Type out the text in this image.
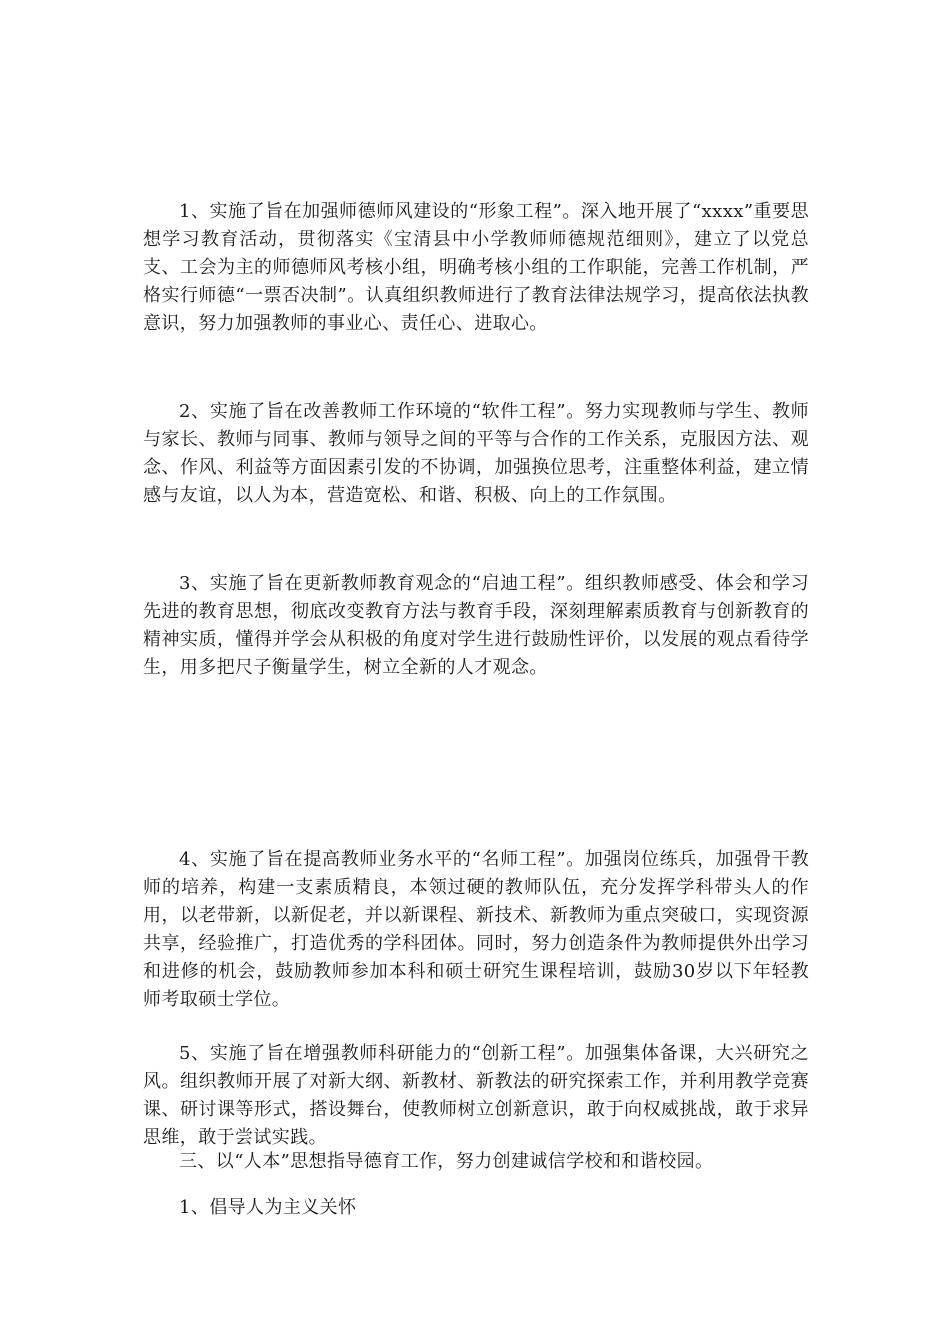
1、实施了旨在加强师德师风建设的“形象工程”。深入地开展了“xxxx”重要思想学习教育活动，贯彻落实《宝清县中小学教师师德规范细则》，建立了以党总支、工会为主的师德师风考核小组，明确考核小组的工作职能，完善工作机制，严格实行师德“一票否决制”。认真组织教师进行了教育法律法规学习，提高依法执教意识，努力加强教师的事业心、责任心、进取心。

2、实施了旨在改善教师工作环境的“软件工程”。努力实现教师与学生、教师与家长、教师与同事、教师与领导之间的平等与合作的工作关系，克服因方法、观念、作风、利益等方面因素引发的不协调，加强换位思考，注重整体利益，建立情感与友谊，以人为本，营造宽松、和谐、积极、向上的工作氛围。

3、实施了旨在更新教师教育观念的“启迪工程”。组织教师感受、体会和学习先进的教育思想，彻底改变教育方法与教育手段，深刻理解素质教育与创新教育的精神实质，懂得并学会从积极的角度对学生进行鼓励性评价，以发展的观点看待学生，用多把尺子衡量学生，树立全新的人才观念。

4、实施了旨在提高教师业务水平的“名师工程”。加强岗位练兵，加强骨干教师的培养，构建一支素质精良，本领过硬的教师队伍，充分发挥学科带头人的作用，以老带新，以新促老，并以新课程、新技术、新教师为重点突破口，实现资源共享，经验推广，打造优秀的学科团体。同时，努力创造条件为教师提供外出学习和进修的机会，鼓励教师参加本科和硕士研究生课程培训，鼓励30岁以下年轻教师考取硕士学位。

5、实施了旨在增强教师科研能力的“创新工程”。加强集体备课，大兴研究之风。组织教师开展了对新大纲、新教材、新教法的研究探索工作，并利用教学竞赛课、研讨课等形式，搭设舞台，使教师树立创新意识，敢于向权威挑战，敢于求异思维，敢于尝试实践。

三、以“人本”思想指导德育工作，努力创建诚信学校和和谐校园。

1、倡导人为主义关怀
